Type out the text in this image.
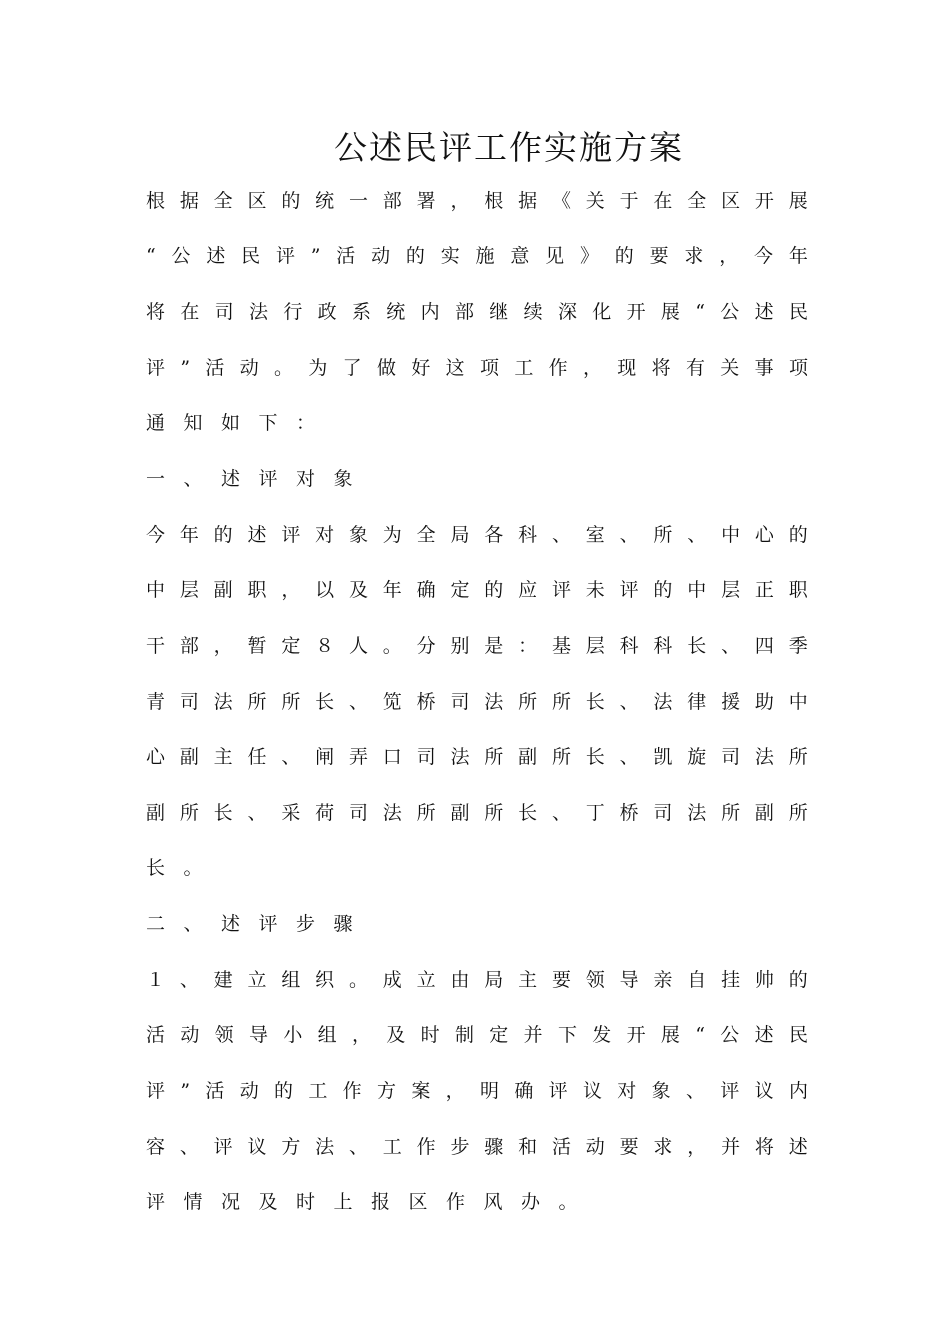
公述民评工作实施方案
根 据 全 区 的 统 一 部 署 ， 根 据 《 关 于 在 全 区 开 展
“ 公 述 民 评 ” 活 动 的 实 施 意 见 》 的 要 求 ， 今 年
将 在 司 法 行 政 系 统 内 部 继 续 深 化 开 展 “ 公 述 民
评 ” 活 动 。 为 了 做 好 这 项 工 作 ， 现 将 有 关 事 项
通知如下：
一、述评对象
今 年 的 述 评 对 象 为 全 局 各 科 、 室 、 所 、 中 心 的
中 层 副 职 ， 以 及 年 确 定 的 应 评 未 评 的 中 层 正 职
干 部 ， 暂 定 ８ 人 。 分 别 是 ： 基 层 科 科 长 、 四 季
青 司 法 所 所 长 、 笕 桥 司 法 所 所 长 、 法 律 援 助 中
心 副 主 任 、 闸 弄 口 司 法 所 副 所 长 、 凯 旋 司 法 所
副 所 长 、 采 荷 司 法 所 副 所 长 、 丁 桥 司 法 所 副 所
长。
二、述评步骤
１ 、 建 立 组 织 。 成 立 由 局 主 要 领 导 亲 自 挂 帅 的
活 动 领 导 小 组 ， 及 时 制 定 并 下 发 开 展 “ 公 述 民
评 ” 活 动 的 工 作 方 案 ， 明 确 评 议 对 象 、 评 议 内
容 、 评 议 方 法 、 工 作 步 骤 和 活 动 要 求 ， 并 将 述
评情况及时上报区作风办。
